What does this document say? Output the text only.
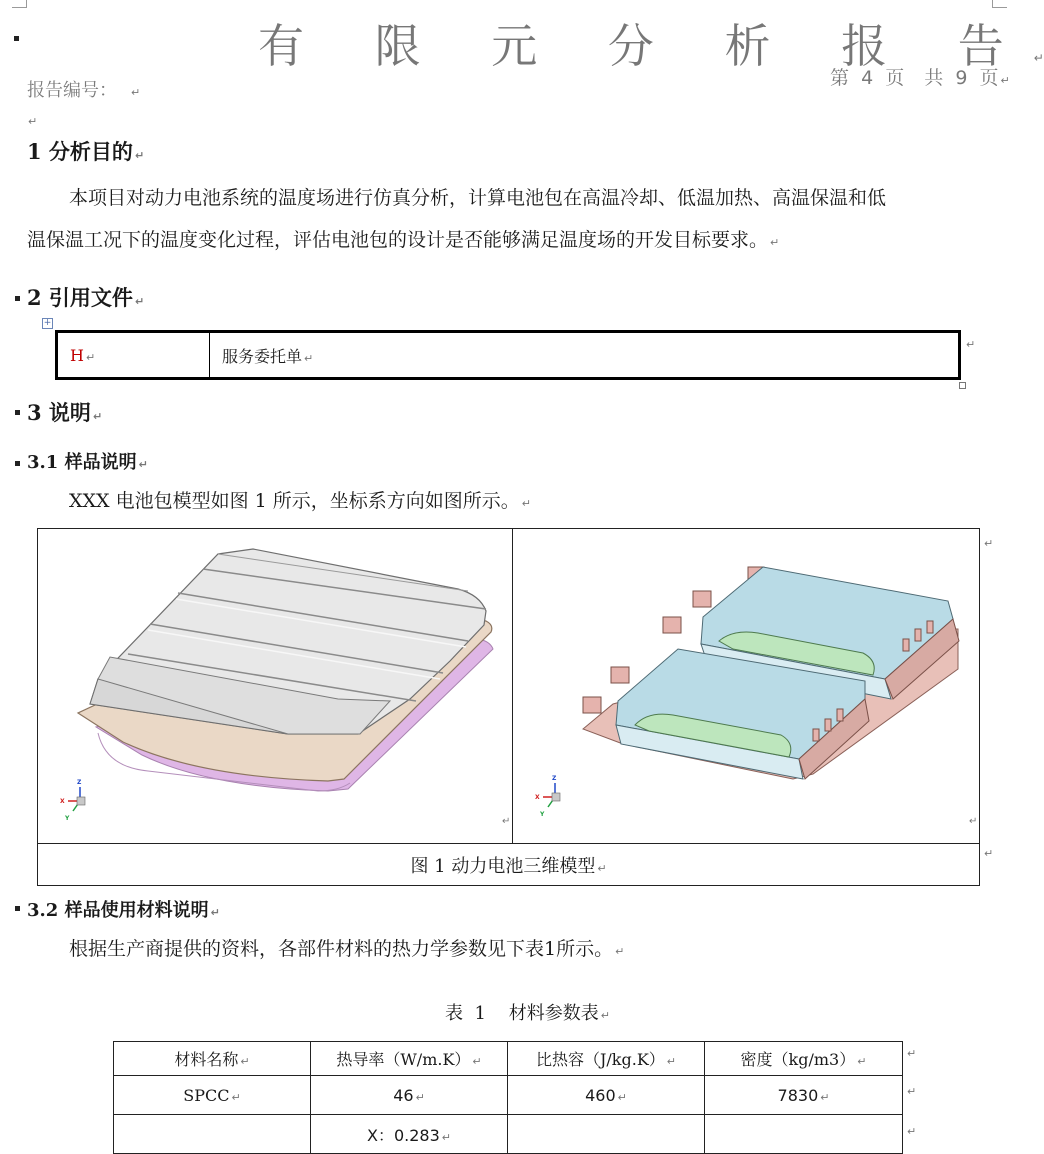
有 限 元 分 析 报 告 ↵
报告编号： ↵
第 4 页 共 9 页 ↵
↵
1 分析目的 ↵
本项目对动力电池系统的温度场进行仿真分析，计算电池包在高温冷却、低温加热、高温保温和低
温保温工况下的温度变化过程，评估电池包的设计是否能够满足温度场的开发目标要求。 ↵
2 引用文件 ↵
+
H ↵	服务委托单 ↵
↵
3 说明 ↵
3.1 样品说明 ↵
XXX 电池包模型如图 1 所示，坐标系方向如图所示。 ↵
Z
X
Y	↵

Z
X
Y
↵

图 1 动力电池三维模型 ↵
↵
↵
3.2 样品使用材料说明 ↵
根据生产商提供的资料，各部件材料的热力学参数见下表1所示。 ↵
表  1    材料参数表 ↵
材料名称 ↵	热导率（W/m.K） ↵	比热容（J/kg.K） ↵	密度（kg/m3） ↵
SPCC ↵	46 ↵	460 ↵	7830 ↵
	X：0.283 ↵		
↵
↵
↵
